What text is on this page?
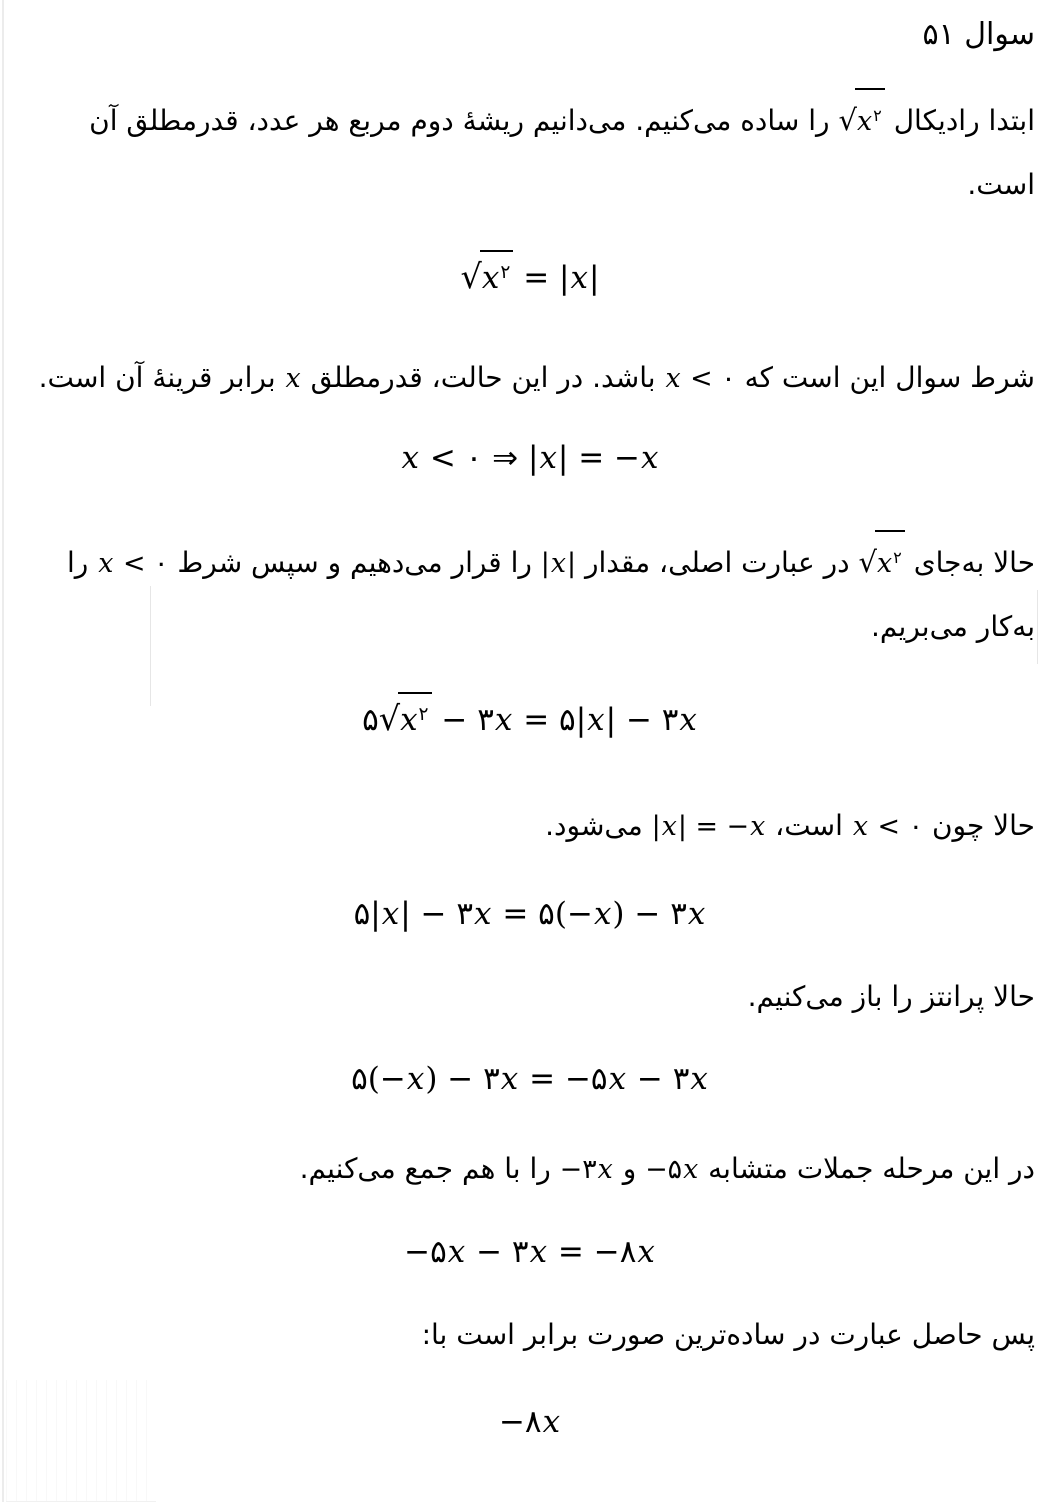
سوال ۵۱

ابتدا رادیکال $√x^۲$ را ساده می‌کنیم. می‌دانیم ریشهٔ دوم مربع هر عدد، قدرمطلق آن است.

$√x^۲ = |x|$

شرط سوال این است که x < ۰ باشد. در این حالت، قدرمطلق x برابر قرینهٔ آن است.

x < ۰ ⇒ |x| = −x

حالا به‌جای $√x^۲$ در عبارت اصلی، مقدار |x| را قرار می‌دهیم و سپس شرط x < ۰ را به‌کار می‌بریم.

$۵√x^۲$ − ۳x = ۵|x| − ۳x

حالا چون x < ۰ است، |x| = −x می‌شود.

۵|x| − ۳x = ۵(−x) − ۳x

حالا پرانتز را باز می‌کنیم.

۵(−x) − ۳x = −۵x − ۳x

در این مرحله جملات متشابه −۵x و −۳x را با هم جمع می‌کنیم.

−۵x − ۳x = −۸x

پس حاصل عبارت در ساده‌ترین صورت برابر است با:

−۸x
